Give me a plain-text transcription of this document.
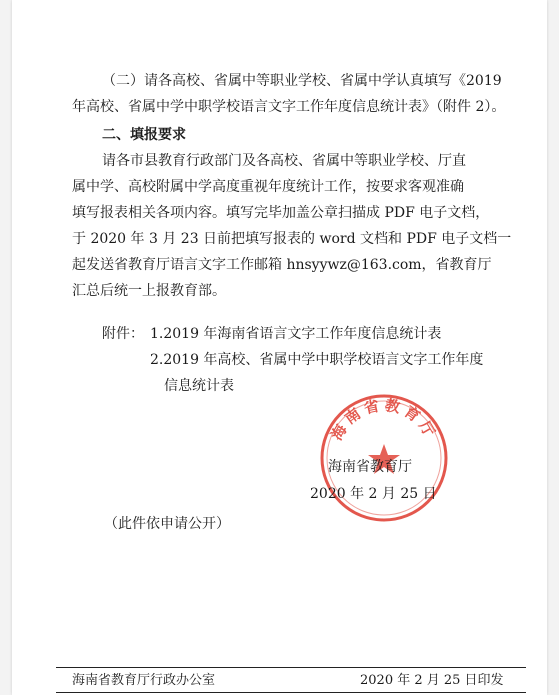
（二）请各高校、省属中等职业学校、省属中学认真填写《2019
年高校、省属中学中职学校语言文字工作年度信息统计表》（附件 2）。
二、填报要求
请各市县教育行政部门及各高校、省属中等职业学校、厅直
属中学、高校附属中学高度重视年度统计工作，按要求客观准确
填写报表相关各项内容。填写完毕加盖公章扫描成 PDF 电子文档，
于 2020 年 3 月 23 日前把填写报表的 word 文档和 PDF 电子文档一
起发送省教育厅语言文字工作邮箱 hnsyywz@163.com，省教育厅
汇总后统一上报教育部。
附件： 1.2019 年海南省语言文字工作年度信息统计表
2.2019 年高校、省属中学中职学校语言文字工作年度
信息统计表
海南省教育厅
海南省教育厅
2020 年 2 月 25 日
（此件依申请公开）
海南省教育厅行政办公室	2020 年 2 月 25 日印发
